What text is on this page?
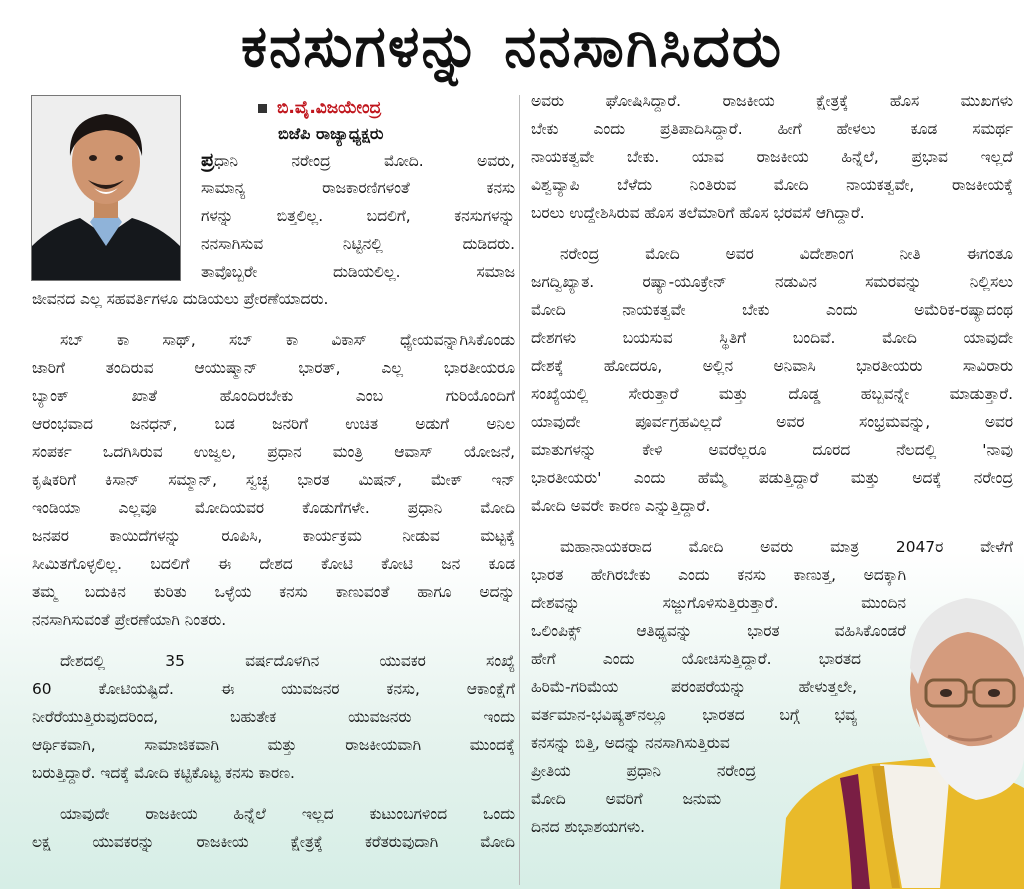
ಕನಸುಗಳನ್ನು ನನಸಾಗಿಸಿದರು
ಬಿ.ವೈ.ವಿಜಯೇಂದ್ರ
ಬಿಜೆಪಿ ರಾಜ್ಯಾಧ್ಯಕ್ಷರು
ಪ್ರಧಾನಿ ನರೇಂದ್ರ ಮೋದಿ. ಅವರು,
ಸಾಮಾನ್ಯ ರಾಜಕಾರಣಿಗಳಂತೆ ಕನಸು
ಗಳನ್ನು ಬಿತ್ತಲಿಲ್ಲ. ಬದಲಿಗೆ, ಕನಸುಗಳನ್ನು
ನನಸಾಗಿಸುವ ನಿಟ್ಟಿನಲ್ಲಿ ದುಡಿದರು.
ತಾವೊಬ್ಬರೇ ದುಡಿಯಲಿಲ್ಲ. ಸಮಾಜ
ಜೀವನದ ಎಲ್ಲ ಸಹವರ್ತಿಗಳೂ ದುಡಿಯಲು ಪ್ರೇರಣೆಯಾದರು.
ಸಬ್ ಕಾ ಸಾಥ್, ಸಬ್ ಕಾ ವಿಕಾಸ್ ಧ್ಯೇಯವನ್ನಾಗಿಸಿಕೊಂಡು
ಜಾರಿಗೆ ತಂದಿರುವ ಆಯುಷ್ಮಾನ್ ಭಾರತ್, ಎಲ್ಲ ಭಾರತೀಯರೂ
ಬ್ಯಾಂಕ್ ಖಾತೆ ಹೊಂದಿರಬೇಕು ಎಂಬ ಗುರಿಯೊಂದಿಗೆ
ಆರಂಭವಾದ ಜನಧನ್, ಬಡ ಜನರಿಗೆ ಉಚಿತ ಅಡುಗೆ ಅನಿಲ
ಸಂಪರ್ಕ ಒದಗಿಸಿರುವ ಉಜ್ವಲ, ಪ್ರಧಾನ ಮಂತ್ರಿ ಆವಾಸ್ ಯೋಜನೆ,
ಕೃಷಿಕರಿಗೆ ಕಿಸಾನ್ ಸಮ್ಮಾನ್, ಸ್ವಚ್ಛ ಭಾರತ ಮಿಷನ್, ಮೇಕ್ ಇನ್
ಇಂಡಿಯಾ ಎಲ್ಲವೂ ಮೋದಿಯವರ ಕೊಡುಗೆಗಳೇ. ಪ್ರಧಾನಿ ಮೋದಿ
ಜನಪರ ಕಾಯಿದೆಗಳನ್ನು ರೂಪಿಸಿ, ಕಾರ್ಯಕ್ರಮ ನೀಡುವ ಮಟ್ಟಕ್ಕೆ
ಸೀಮಿತಗೊಳ್ಳಲಿಲ್ಲ. ಬದಲಿಗೆ ಈ ದೇಶದ ಕೋಟಿ ಕೋಟಿ ಜನ ಕೂಡ
ತಮ್ಮ ಬದುಕಿನ ಕುರಿತು ಒಳ್ಳೆಯ ಕನಸು ಕಾಣುವಂತೆ ಹಾಗೂ ಅದನ್ನು
ನನಸಾಗಿಸುವಂತೆ ಪ್ರೇರಣೆಯಾಗಿ ನಿಂತರು.
ದೇಶದಲ್ಲಿ 35 ವರ್ಷದೊಳಗಿನ ಯುವಕರ ಸಂಖ್ಯೆ
60 ಕೋಟಿಯಷ್ಟಿದೆ. ಈ ಯುವಜನರ ಕನಸು, ಆಕಾಂಕ್ಷೆಗೆ
ನೀರೆರೆಯುತ್ತಿರುವುದರಿಂದ, ಬಹುತೇಕ ಯುವಜನರು ಇಂದು
ಆರ್ಥಿಕವಾಗಿ, ಸಾಮಾಜಿಕವಾಗಿ ಮತ್ತು ರಾಜಕೀಯವಾಗಿ ಮುಂದಕ್ಕೆ
ಬರುತ್ತಿದ್ದಾರೆ. ಇದಕ್ಕೆ ಮೋದಿ ಕಟ್ಟಿಕೊಟ್ಟ ಕನಸು ಕಾರಣ.
ಯಾವುದೇ ರಾಜಕೀಯ ಹಿನ್ನೆಲೆ ಇಲ್ಲದ ಕುಟುಂಬಗಳಿಂದ ಒಂದು
ಲಕ್ಷ ಯುವಕರನ್ನು ರಾಜಕೀಯ ಕ್ಷೇತ್ರಕ್ಕೆ ಕರೆತರುವುದಾಗಿ ಮೋದಿ
ಅವರು ಘೋಷಿಸಿದ್ದಾರೆ. ರಾಜಕೀಯ ಕ್ಷೇತ್ರಕ್ಕೆ ಹೊಸ ಮುಖಗಳು
ಬೇಕು ಎಂದು ಪ್ರತಿಪಾದಿಸಿದ್ದಾರೆ. ಹೀಗೆ ಹೇಳಲು ಕೂಡ ಸಮರ್ಥ
ನಾಯಕತ್ವವೇ ಬೇಕು. ಯಾವ ರಾಜಕೀಯ ಹಿನ್ನೆಲೆ, ಪ್ರಭಾವ ಇಲ್ಲದೆ
ವಿಶ್ವವ್ಯಾಪಿ ಬೆಳೆದು ನಿಂತಿರುವ ಮೋದಿ ನಾಯಕತ್ವವೇ, ರಾಜಕೀಯಕ್ಕೆ
ಬರಲು ಉದ್ದೇಶಿಸಿರುವ ಹೊಸ ತಲೆಮಾರಿಗೆ ಹೊಸ ಭರವಸೆ ಆಗಿದ್ದಾರೆ.
ನರೇಂದ್ರ ಮೋದಿ ಅವರ ವಿದೇಶಾಂಗ ನೀತಿ ಈಗಂತೂ
ಜಗದ್ವಿಖ್ಯಾತ. ರಷ್ಯಾ-ಯೂಕ್ರೇನ್ ನಡುವಿನ ಸಮರವನ್ನು ನಿಲ್ಲಿಸಲು
ಮೋದಿ ನಾಯಕತ್ವವೇ ಬೇಕು ಎಂದು ಅಮೆರಿಕ-ರಷ್ಯಾದಂಥ
ದೇಶಗಳು ಬಯಸುವ ಸ್ಥಿತಿಗೆ ಬಂದಿವೆ. ಮೋದಿ ಯಾವುದೇ
ದೇಶಕ್ಕೆ ಹೋದರೂ, ಅಲ್ಲಿನ ಅನಿವಾಸಿ ಭಾರತೀಯರು ಸಾವಿರಾರು
ಸಂಖ್ಯೆಯಲ್ಲಿ ಸೇರುತ್ತಾರೆ ಮತ್ತು ದೊಡ್ಡ ಹಬ್ಬವನ್ನೇ ಮಾಡುತ್ತಾರೆ.
ಯಾವುದೇ ಪೂರ್ವಗ್ರಹವಿಲ್ಲದೆ ಅವರ ಸಂಭ್ರಮವನ್ನು, ಅವರ
ಮಾತುಗಳನ್ನು ಕೇಳಿ ಅವರೆಲ್ಲರೂ ದೂರದ ನೆಲದಲ್ಲಿ 'ನಾವು
ಭಾರತೀಯರು' ಎಂದು ಹೆಮ್ಮೆ ಪಡುತ್ತಿದ್ದಾರೆ ಮತ್ತು ಅದಕ್ಕೆ ನರೇಂದ್ರ
ಮೋದಿ ಅವರೇ ಕಾರಣ ಎನ್ನುತ್ತಿದ್ದಾರೆ.
ಮಹಾನಾಯಕರಾದ ಮೋದಿ ಅವರು ಮಾತ್ರ 2047ರ ವೇಳೆಗೆ
ಭಾರತ ಹೇಗಿರಬೇಕು ಎಂದು ಕನಸು ಕಾಣುತ್ತ, ಅದಕ್ಕಾಗಿ
ದೇಶವನ್ನು ಸಜ್ಜುಗೊಳಿಸುತ್ತಿರುತ್ತಾರೆ. ಮುಂದಿನ
ಒಲಿಂಪಿಕ್ಸ್ ಆತಿಥ್ಯವನ್ನು ಭಾರತ ವಹಿಸಿಕೊಂಡರೆ
ಹೇಗೆ ಎಂದು ಯೋಚಿಸುತ್ತಿದ್ದಾರೆ. ಭಾರತದ
ಹಿರಿಮೆ-ಗರಿಮೆಯ ಪರಂಪರೆಯನ್ನು ಹೇಳುತ್ತಲೇ,
ವರ್ತಮಾನ-ಭವಿಷ್ಯತ್‌ನಲ್ಲೂ ಭಾರತದ ಬಗ್ಗೆ ಭವ್ಯ
ಕನಸನ್ನು ಬಿತ್ತಿ, ಅದನ್ನು ನನಸಾಗಿಸುತ್ತಿರುವ
ಪ್ರೀತಿಯ ಪ್ರಧಾನಿ ನರೇಂದ್ರ
ಮೋದಿ ಅವರಿಗೆ ಜನುಮ
ದಿನದ ಶುಭಾಶಯಗಳು.
